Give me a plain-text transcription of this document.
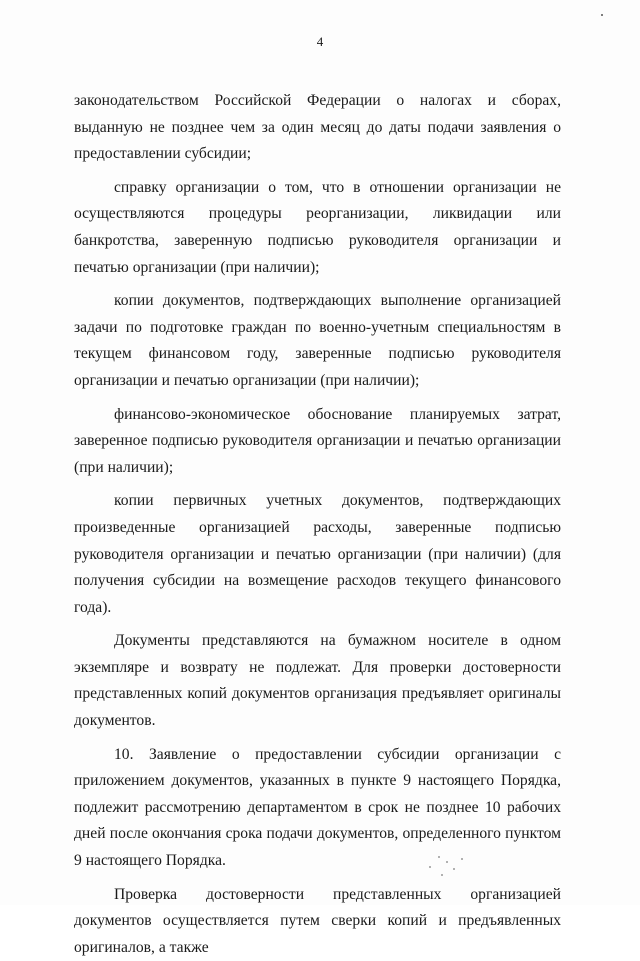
4

законодательством Российской Федерации о налогах и сборах, выданную не позднее чем за один месяц до даты подачи заявления о предоставлении субсидии;

справку организации о том, что в отношении организации не осуществляются процедуры реорганизации, ликвидации или банкротства, заверенную подписью руководителя организации и печатью организации (при наличии);

копии документов, подтверждающих выполнение организацией задачи по подготовке граждан по военно-учетным специальностям в текущем финансовом году, заверенные подписью руководителя организации и печатью организации (при наличии);

финансово-экономическое обоснование планируемых затрат, заверенное подписью руководителя организации и печатью организации (при наличии);

копии первичных учетных документов, подтверждающих произведенные организацией расходы, заверенные подписью руководителя организации и печатью организации (при наличии) (для получения субсидии на возмещение расходов текущего финансового года).

Документы представляются на бумажном носителе в одном экземпляре и возврату не подлежат. Для проверки достоверности представленных копий документов организация предъявляет оригиналы документов.

10. Заявление о предоставлении субсидии организации с приложением документов, указанных в пункте 9 настоящего Порядка, подлежит рассмотрению департаментом в срок не позднее 10 рабочих дней после окончания срока подачи документов, определенного пунктом 9 настоящего Порядка.

Проверка достоверности представленных организацией документов осуществляется путем сверки копий и предъявленных оригиналов, а также
